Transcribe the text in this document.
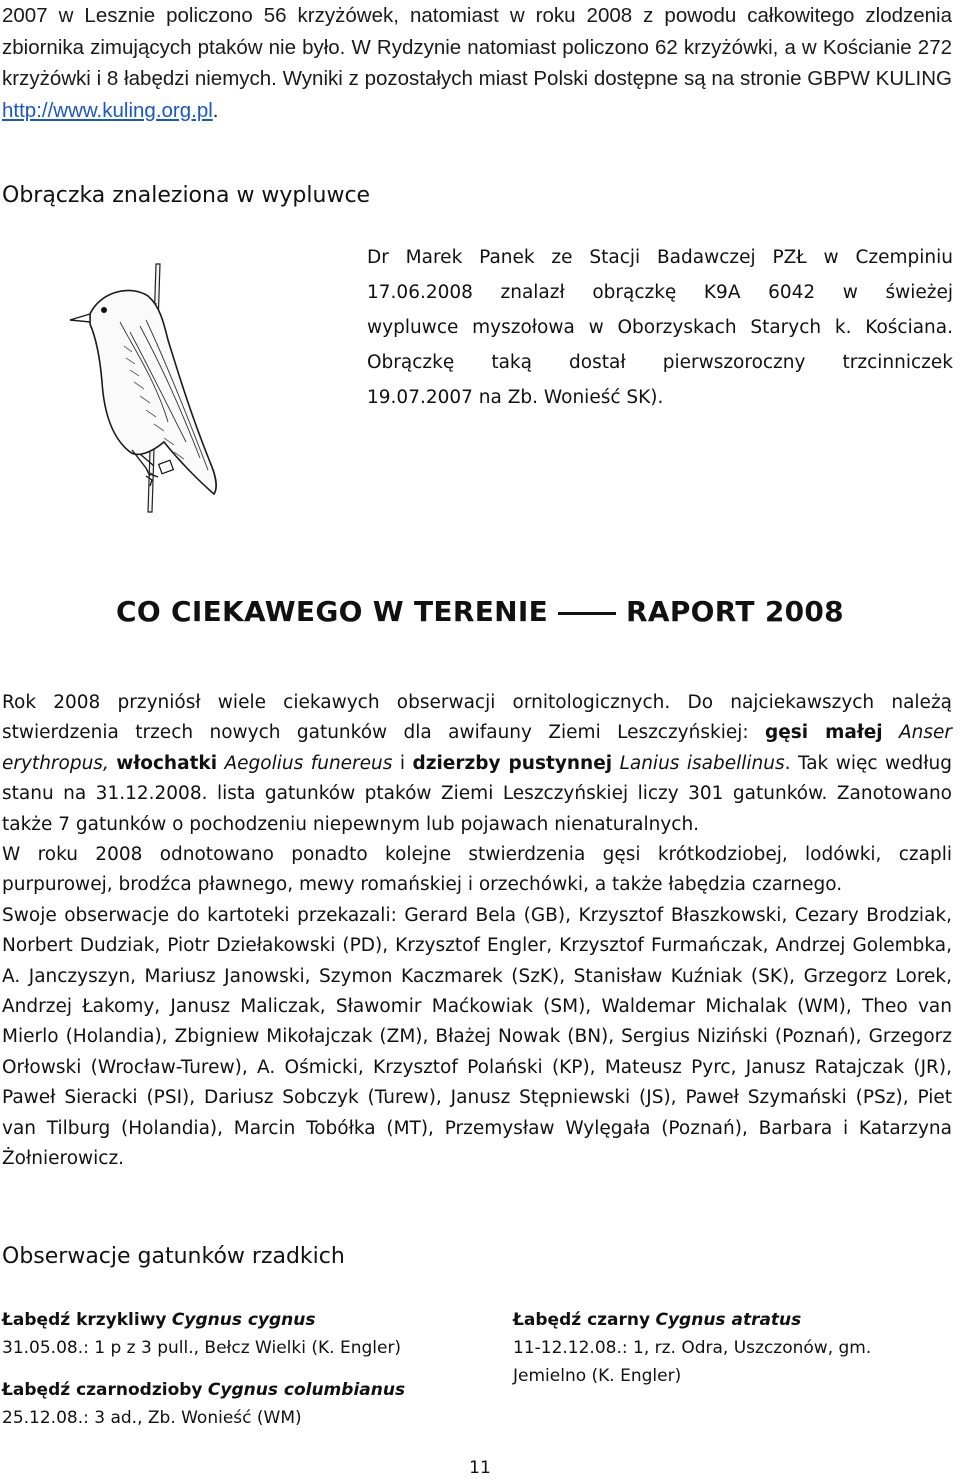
2007 w Lesznie policzono 56 krzyżówek, natomiast w roku 2008 z powodu całkowitego zlodzenia zbiornika zimujących ptaków nie było. W Rydzynie natomiast policzono 62 krzyżówki, a w Kościanie 272 krzyżówki i 8 łabędzi niemych. Wyniki z pozostałych miast Polski dostępne są na stronie GBPW KULING http://www.kuling.org.pl.

Obrączka znaleziona w wypluwce
Dr Marek Panek ze Stacji Badawczej PZŁ w Czempiniu
17.06.2008 znalazł obrączkę K9A 6042 w świeżej
wypluwce myszołowa w Oborzyskach Starych k. Kościana.
Obrączkę taką dostał pierwszoroczny trzcinniczek
19.07.2007 na Zb. Wonieść SK).
CO CIEKAWEGO W TERENIE	RAPORT 2008

Rok 2008 przyniósł wiele ciekawych obserwacji ornitologicznych. Do najciekawszych należą stwierdzenia trzech nowych gatunków dla awifauny Ziemi Leszczyńskiej: gęsi małej Anser erythropus, włochatki Aegolius funereus i dzierzby pustynnej Lanius isabellinus. Tak więc według stanu na 31.12.2008. lista gatunków ptaków Ziemi Leszczyńskiej liczy 301 gatunków. Zanotowano także 7 gatunków o pochodzeniu niepewnym lub pojawach nienaturalnych.

W roku 2008 odnotowano ponadto kolejne stwierdzenia gęsi krótkodziobej, lodówki, czapli purpurowej, brodźca pławnego, mewy romańskiej i orzechówki, a także łabędzia czarnego.

Swoje obserwacje do kartoteki przekazali: Gerard Bela (GB), Krzysztof Błaszkowski, Cezary Brodziak, Norbert Dudziak, Piotr Dziełakowski (PD), Krzysztof Engler, Krzysztof Furmańczak, Andrzej Golembka, A. Janczyszyn, Mariusz Janowski, Szymon Kaczmarek (SzK), Stanisław Kuźniak (SK), Grzegorz Lorek, Andrzej Łakomy, Janusz Maliczak, Sławomir Maćkowiak (SM), Waldemar Michalak (WM), Theo van Mierlo (Holandia), Zbigniew Mikołajczak (ZM), Błażej Nowak (BN), Sergius Niziński (Poznań), Grzegorz Orłowski (Wrocław-Turew), A. Ośmicki, Krzysztof Polański (KP), Mateusz Pyrc, Janusz Ratajczak (JR), Paweł Sieracki (PSI), Dariusz Sobczyk (Turew), Janusz Stępniewski (JS), Paweł Szymański (PSz), Piet van Tilburg (Holandia), Marcin Tobółka (MT), Przemysław Wylęgała (Poznań), Barbara i Katarzyna Żołnierowicz.

Obserwacje gatunków rzadkich
Łabędź krzykliwy Cygnus cygnus
31.05.08.: 1 p z 3 pull., Bełcz Wielki (K. Engler)
Łabędź czarnodzioby Cygnus columbianus
25.12.08.: 3 ad., Zb. Wonieść (WM)
Łabędź czarny Cygnus atratus
11-12.12.08.: 1, rz. Odra, Uszczonów, gm.
Jemielno (K. Engler)
11
